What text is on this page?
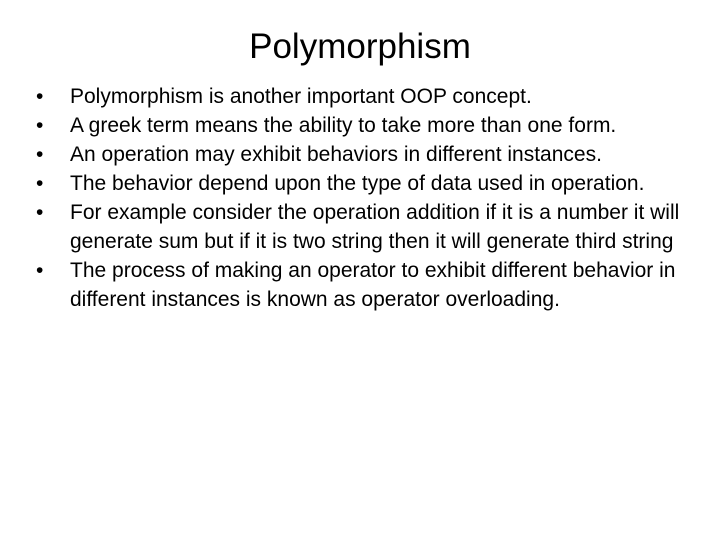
Polymorphism
•	Polymorphism is another important OOP concept.
•	A greek term means the ability to take more than one form.
•	An operation may exhibit behaviors in different instances.
•	The behavior depend upon the type of data used in operation.
•	For example consider the operation addition if it is a number it will generate sum but if it is two string then it will generate third string
•	The process of making an operator to exhibit different behavior in different instances is known as operator overloading.
